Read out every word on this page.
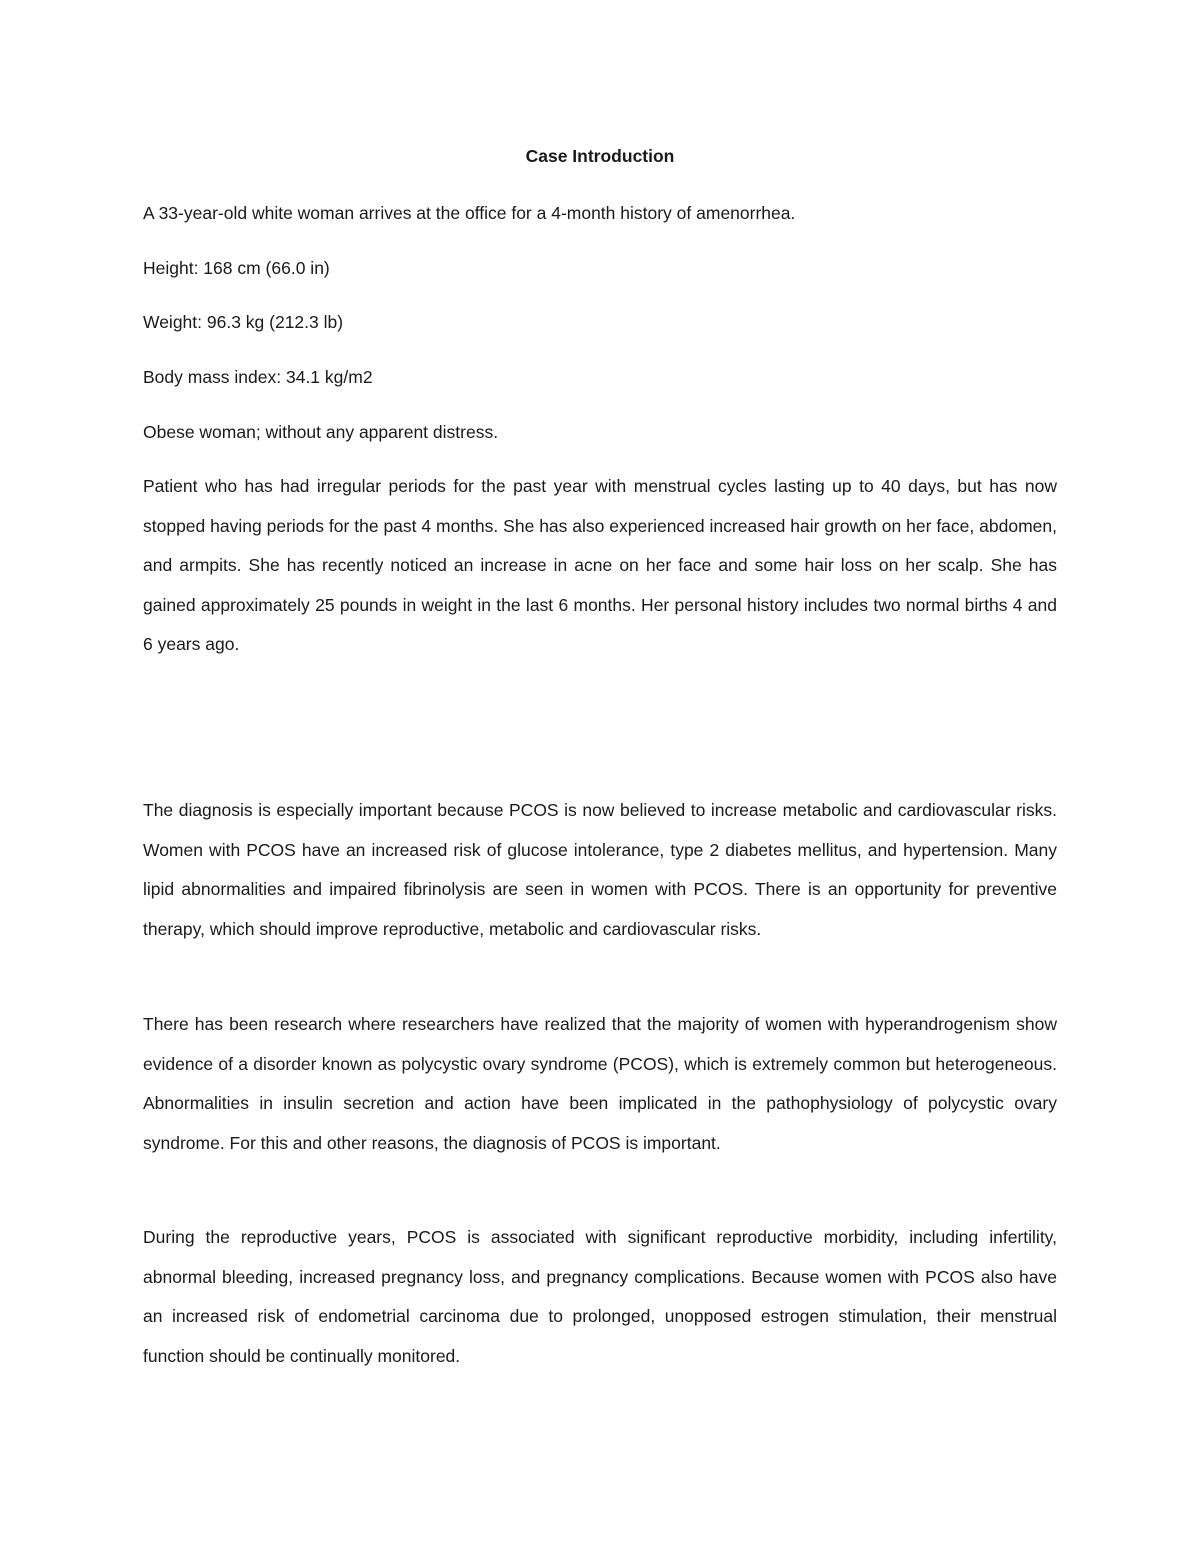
Case Introduction
A 33-year-old white woman arrives at the office for a 4-month history of amenorrhea.
Height: 168 cm (66.0 in)
Weight: 96.3 kg (212.3 lb)
Body mass index: 34.1 kg/m2
Obese woman; without any apparent distress.

Patient who has had irregular periods for the past year with menstrual cycles lasting up to 40 days, but has now stopped having periods for the past 4 months. She has also experienced increased hair growth on her face, abdomen, and armpits. She has recently noticed an increase in acne on her face and some hair loss on her scalp. She has gained approximately 25 pounds in weight in the last 6 months. Her personal history includes two normal births 4 and 6 years ago.

The diagnosis is especially important because PCOS is now believed to increase metabolic and cardiovascular risks. Women with PCOS have an increased risk of glucose intolerance, type 2 diabetes mellitus, and hypertension. Many lipid abnormalities and impaired fibrinolysis are seen in women with PCOS. There is an opportunity for preventive therapy, which should improve reproductive, metabolic and cardiovascular risks.

There has been research where researchers have realized that the majority of women with hyperandrogenism show evidence of a disorder known as polycystic ovary syndrome (PCOS), which is extremely common but heterogeneous. Abnormalities in insulin secretion and action have been implicated in the pathophysiology of polycystic ovary syndrome. For this and other reasons, the diagnosis of PCOS is important.

During the reproductive years, PCOS is associated with significant reproductive morbidity, including infertility, abnormal bleeding, increased pregnancy loss, and pregnancy complications. Because women with PCOS also have an increased risk of endometrial carcinoma due to prolonged, unopposed estrogen stimulation, their menstrual function should be continually monitored.
